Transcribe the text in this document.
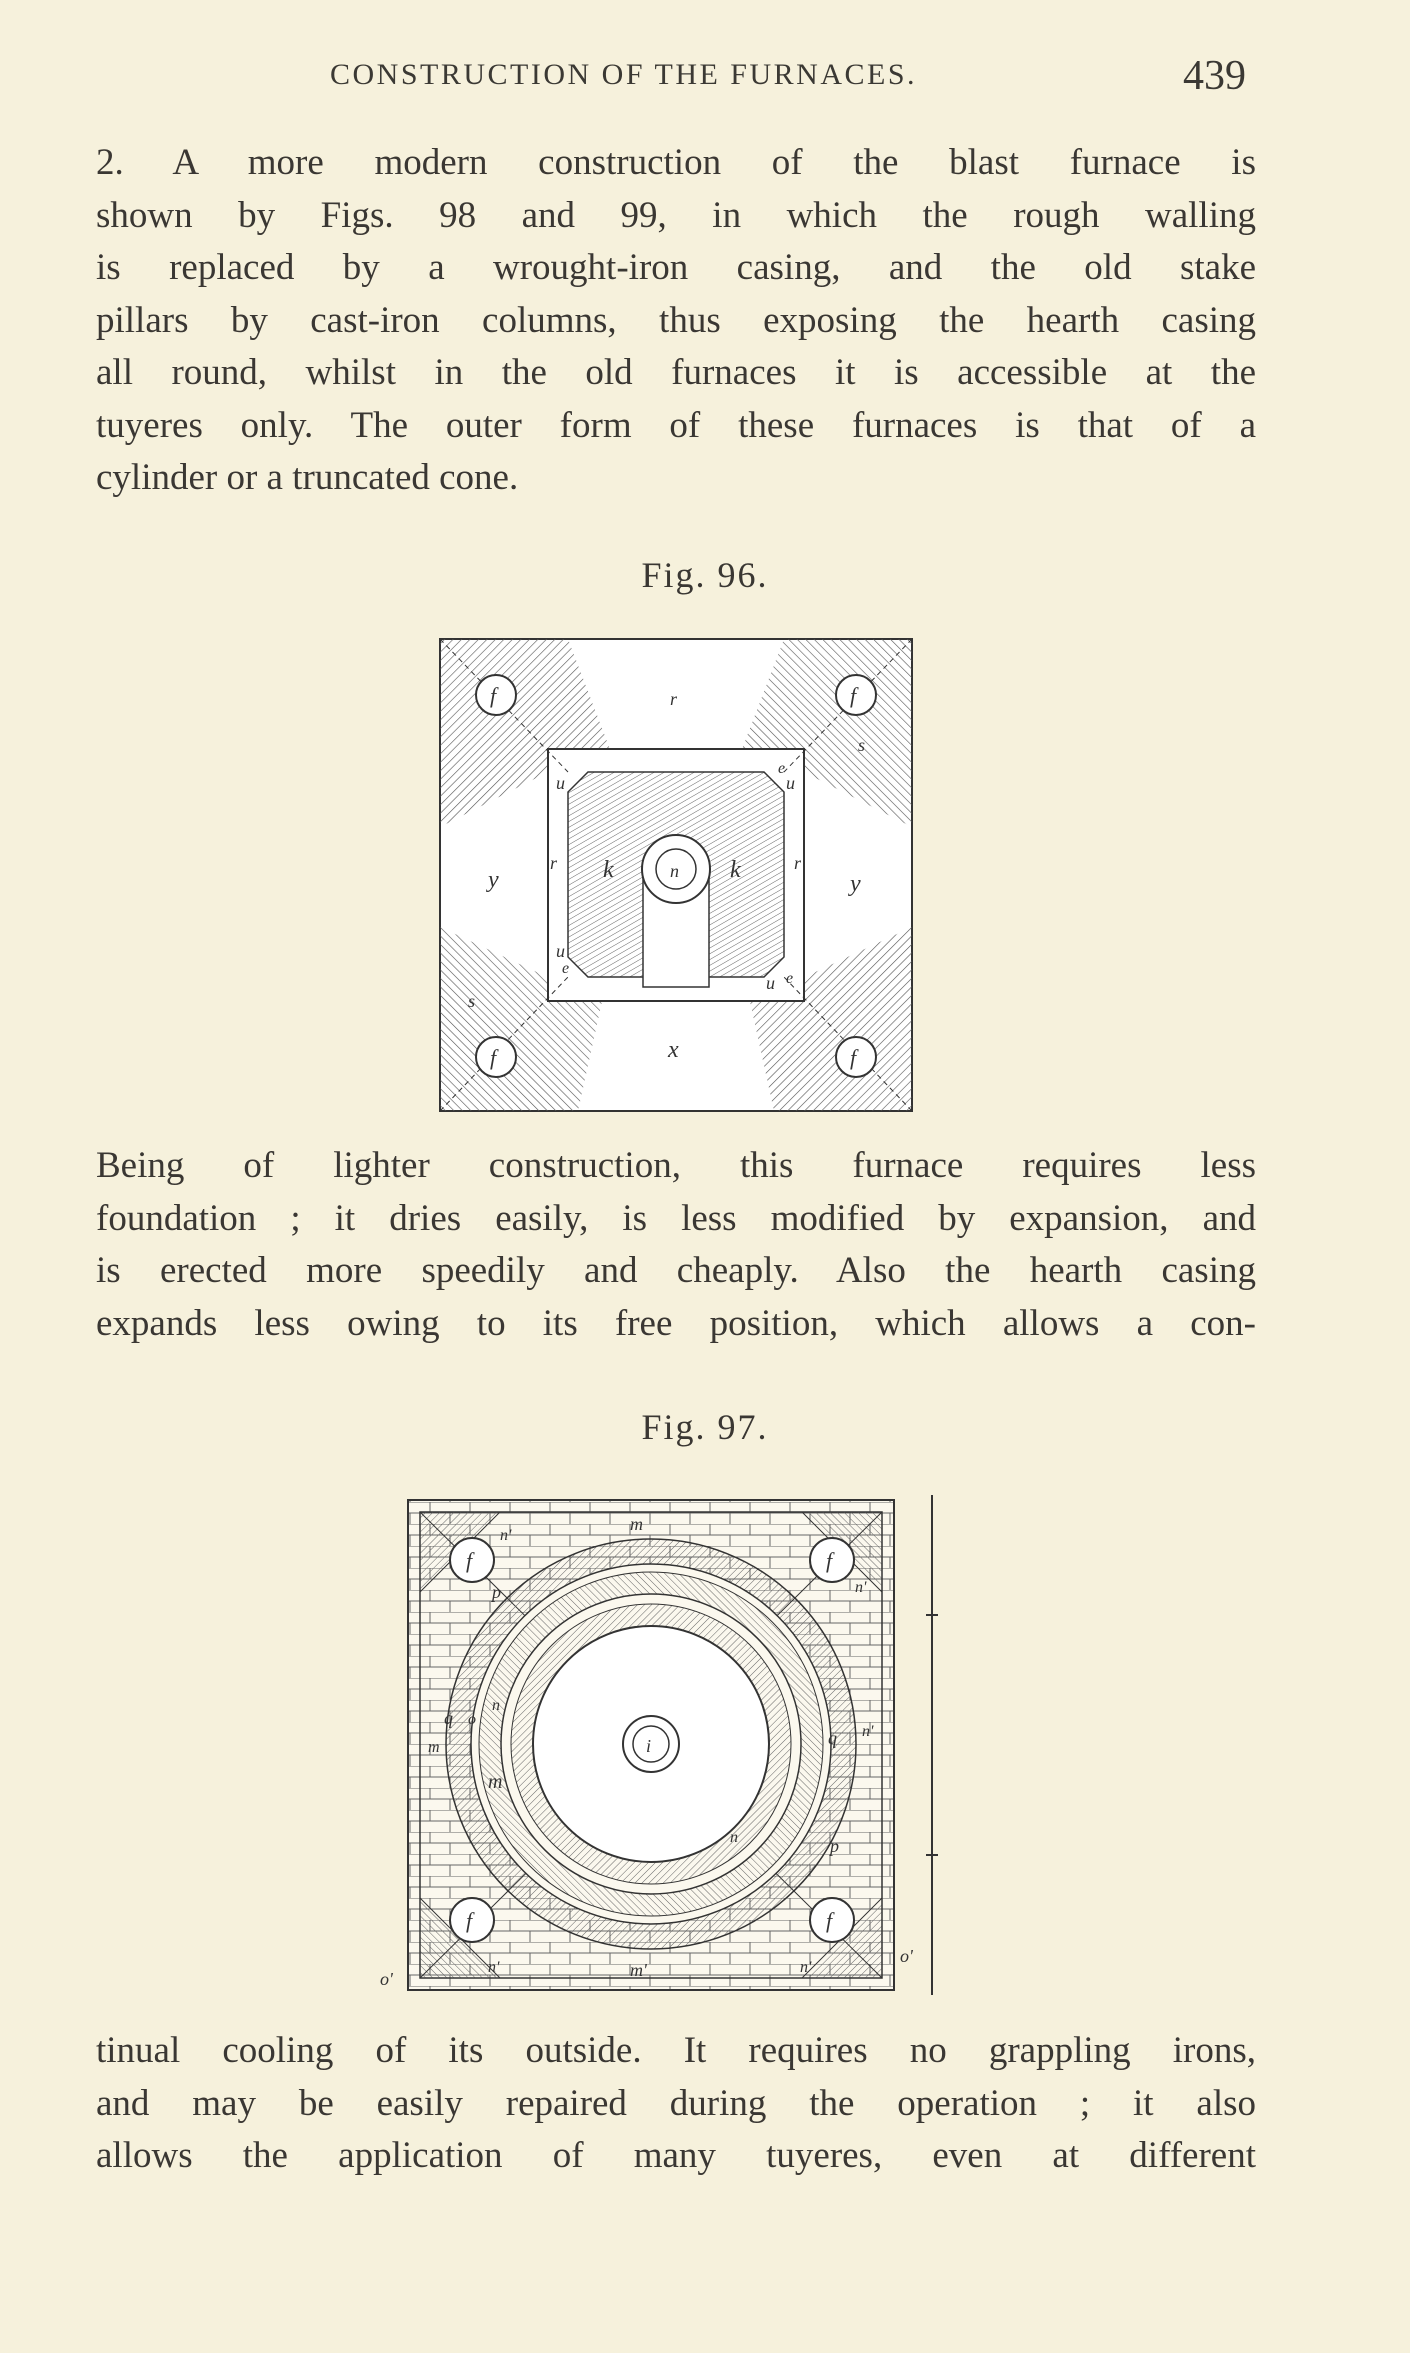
CONSTRUCTION OF THE FURNACES.	439
2. A more modern construction of the blast furnace is
shown by Figs. 98 and 99, in which the rough walling
is replaced by a wrought-iron casing, and the old stake
pillars by cast-iron columns, thus exposing the hearth casing
all round, whilst in the old furnaces it is accessible at the
tuyeres only. The outer form of these furnaces is that of a
cylinder or a truncated cone.
Fig. 96.
f	f
f	f
r
r	r
y	y
k	k
n
x
u	u
u
u
s
s
e
e
e
Being of lighter construction, this furnace requires less
foundation ; it dries easily, is less modified by expansion, and
is erected more speedily and cheaply. Also the hearth casing
expands less owing to its free position, which allows a con-
Fig. 97.
i
f	f
f	f
m
m'
m
n'
n'
n'
n'
n'
p
p
q
q
m
o
n
n
o'
o'
tinual cooling of its outside. It requires no grappling irons,
and may be easily repaired during the operation ; it also
allows the application of many tuyeres, even at different
